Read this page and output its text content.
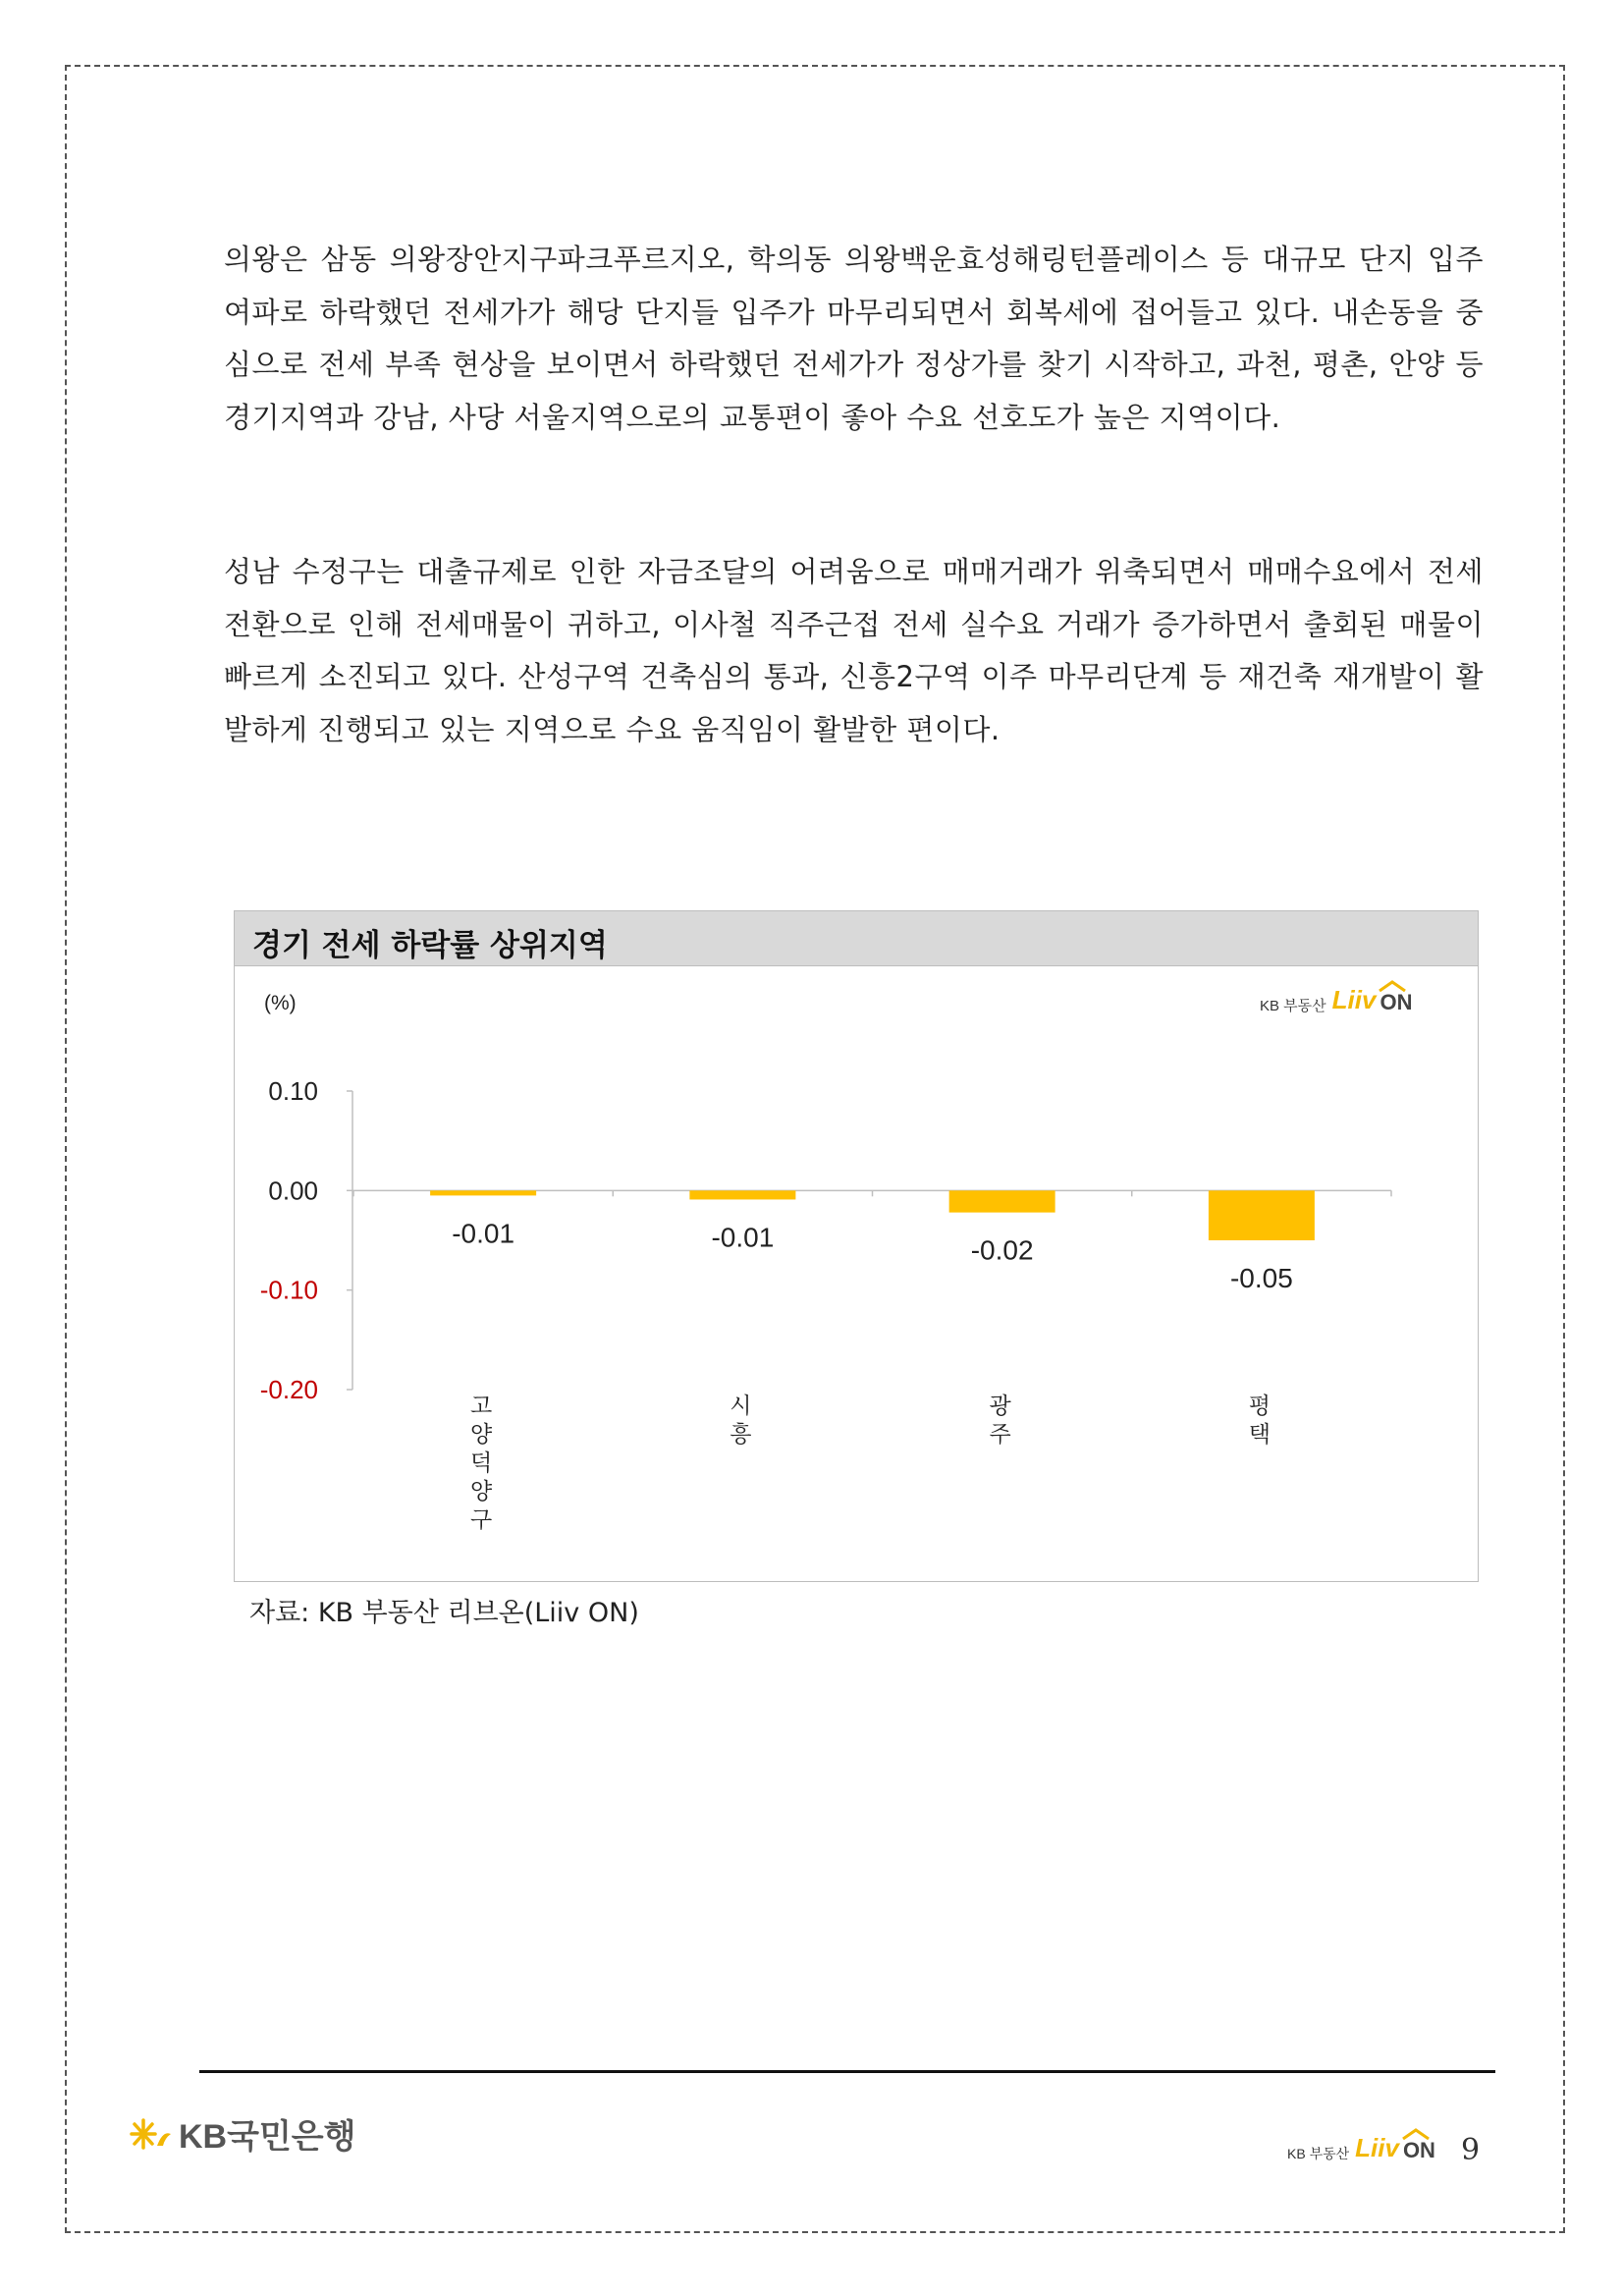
의왕은 삼동 의왕장안지구파크푸르지오, 학의동 의왕백운효성해링턴플레이스 등 대규모 단지 입주 여파로 하락했던 전세가가 해당 단지들 입주가 마무리되면서 회복세에 접어들고 있다. 내손동을 중심으로 전세 부족 현상을 보이면서 하락했던 전세가가 정상가를 찾기 시작하고, 과천, 평촌, 안양 등 경기지역과 강남, 사당 서울지역으로의 교통편이 좋아 수요 선호도가 높은 지역이다.

성남 수정구는 대출규제로 인한 자금조달의 어려움으로 매매거래가 위축되면서 매매수요에서 전세전환으로 인해 전세매물이 귀하고, 이사철 직주근접 전세 실수요 거래가 증가하면서 출회된 매물이 빠르게 소진되고 있다. 산성구역 건축심의 통과, 신흥2구역 이주 마무리단계 등 재건축 재개발이 활발하게 진행되고 있는 지역으로 수요 움직임이 활발한 편이다.

경기 전세 하락률 상위지역
KB 부동산 Liiv ON
(%)
0.10
0.00
-0.10
-0.20
-0.01
고
양
덕
양
구
-0.01
시
흥
-0.02
광
주
-0.05
평
택
자료: KB 부동산 리브온(Liiv ON)
KB국민은행	KB 부동산 Liiv ON 9
